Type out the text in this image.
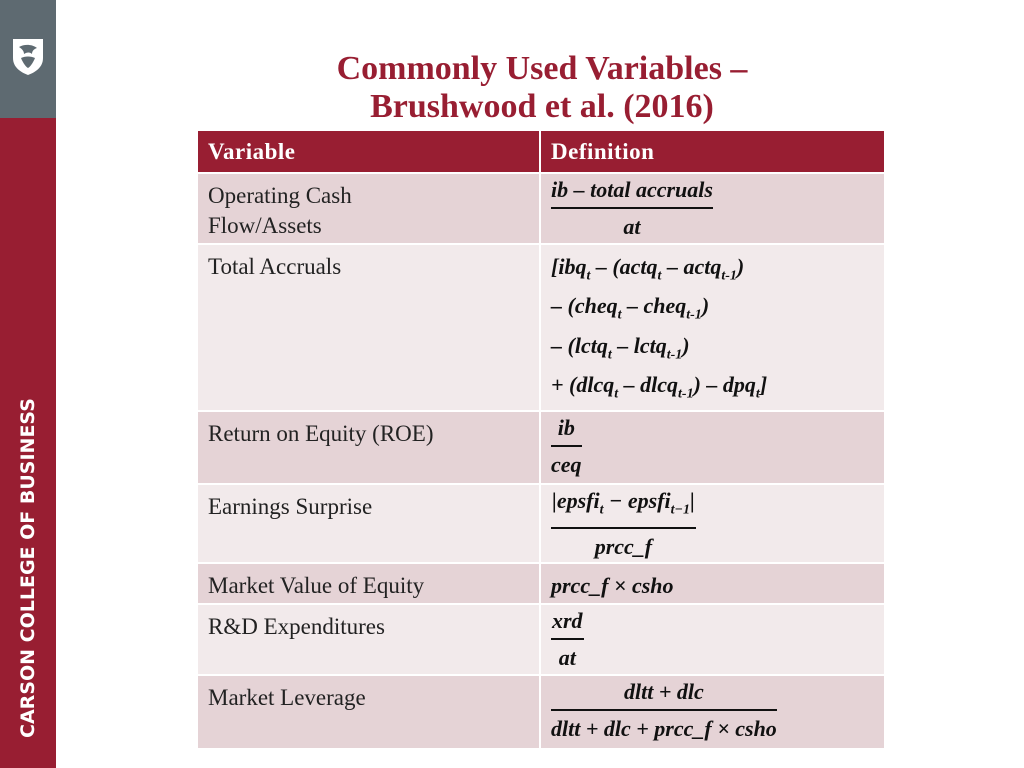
CARSON COLLEGE OF BUSINESS
Commonly Used Variables –
Brushwood et al. (2016)
Variable	Definition
Operating Cash Flow/Assets	$\frac{\text{ib – total accruals}}{at}$

Total Accruals	[ibq$_t$ – (actq$_t$ – actq$_{t-1}$)
– (cheq$_t$ – cheq$_{t-1}$)
– (lctq$_t$ – lctq$_{t-1}$)
+ (dlcq$_t$ – dlcq$_{t-1}$) – dpq$_t$]

Return on Equity (ROE)	$\frac{ib}{\text{ceq}}$

Earnings Surprise	$\frac{|epsfi_t - epsfi_{t-1}|}{\text{prcc\_f}}$

Market Value of Equity	prcc_f × csho
R&D Expenditures	$\frac{\text{xrd}}{at}$

Market Leverage	$\frac{\text{dltt + dlc}}{\text{dltt + dlc + prcc\_f × csho}}$
